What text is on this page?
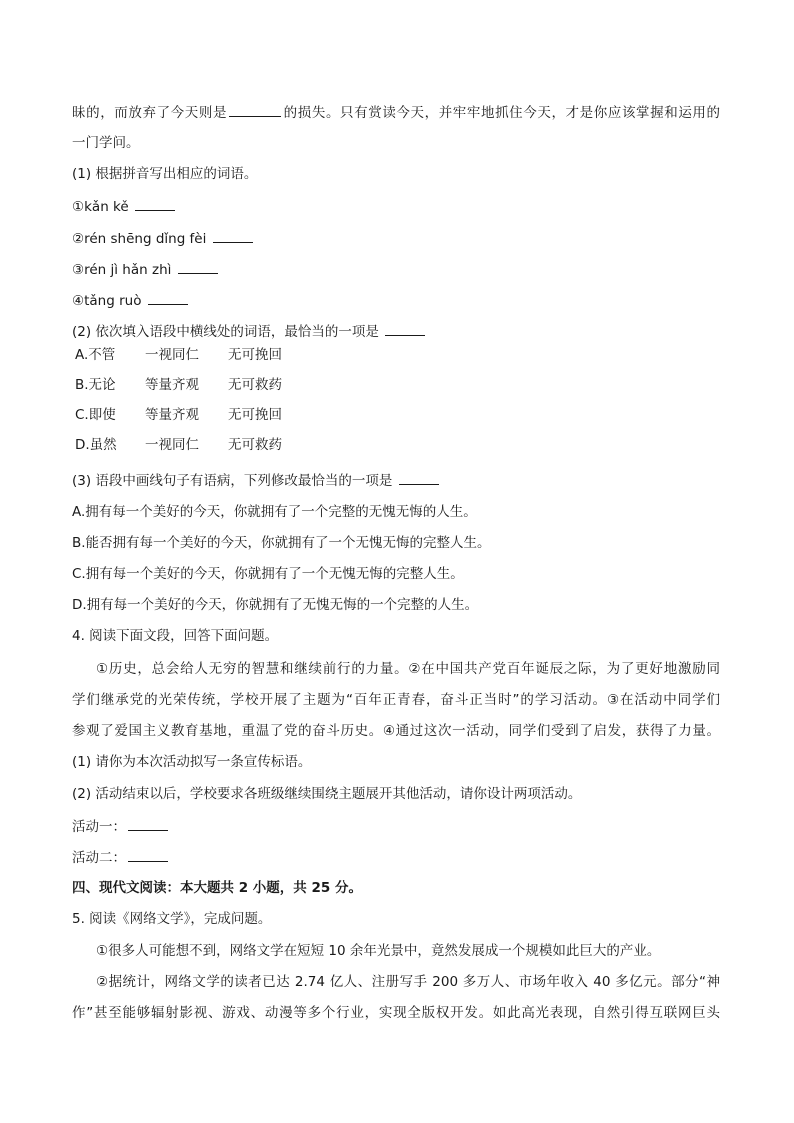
昧的，而放弃了今天则是	的损失。只有赏读今天，并牢牢地抓住今天，才是你应该掌握和运用的
一门学问。
(1) 根据拼音写出相应的词语。
①kǎn kě
②rén shēng dǐng fèi
③rén jì hǎn zhì
④tǎng ruò
(2) 依次填入语段中横线处的词语，最恰当的一项是
A.不管	一视同仁 无可挽回
B.无论	等量齐观 无可救药
C.即使	等量齐观 无可挽回
D.虽然	一视同仁 无可救药
(3) 语段中画线句子有语病，下列修改最恰当的一项是
A.拥有每一个美好的今天，你就拥有了一个完整的无愧无悔的人生。
B.能否拥有每一个美好的今天，你就拥有了一个无愧无悔的完整人生。
C.拥有每一个美好的今天，你就拥有了一个无愧无悔的完整人生。
D.拥有每一个美好的今天，你就拥有了无愧无悔的一个完整的人生。
4. 阅读下面文段，回答下面问题。
①历史，总会给人无穷的智慧和继续前行的力量。②在中国共产党百年诞辰之际，为了更好地激励同
学们继承党的光荣传统，学校开展了主题为“百年正青春，奋斗正当时”的学习活动。③在活动中同学们
参观了爱国主义教育基地，重温了党的奋斗历史。④通过这次一活动，同学们受到了启发，获得了力量。
(1) 请你为本次活动拟写一条宣传标语。
(2) 活动结束以后，学校要求各班级继续围绕主题展开其他活动，请你设计两项活动。
活动一：
活动二：
四、现代文阅读：本大题共 2 小题，共 25 分。
5. 阅读《网络文学》，完成问题。
①很多人可能想不到，网络文学在短短 10 余年光景中，竟然发展成一个规模如此巨大的产业。
②据统计，网络文学的读者已达 2.74 亿人、注册写手 200 多万人、市场年收入 40 多亿元。部分“神
作”甚至能够辐射影视、游戏、动漫等多个行业，实现全版权开发。如此高光表现，自然引得互联网巨头
